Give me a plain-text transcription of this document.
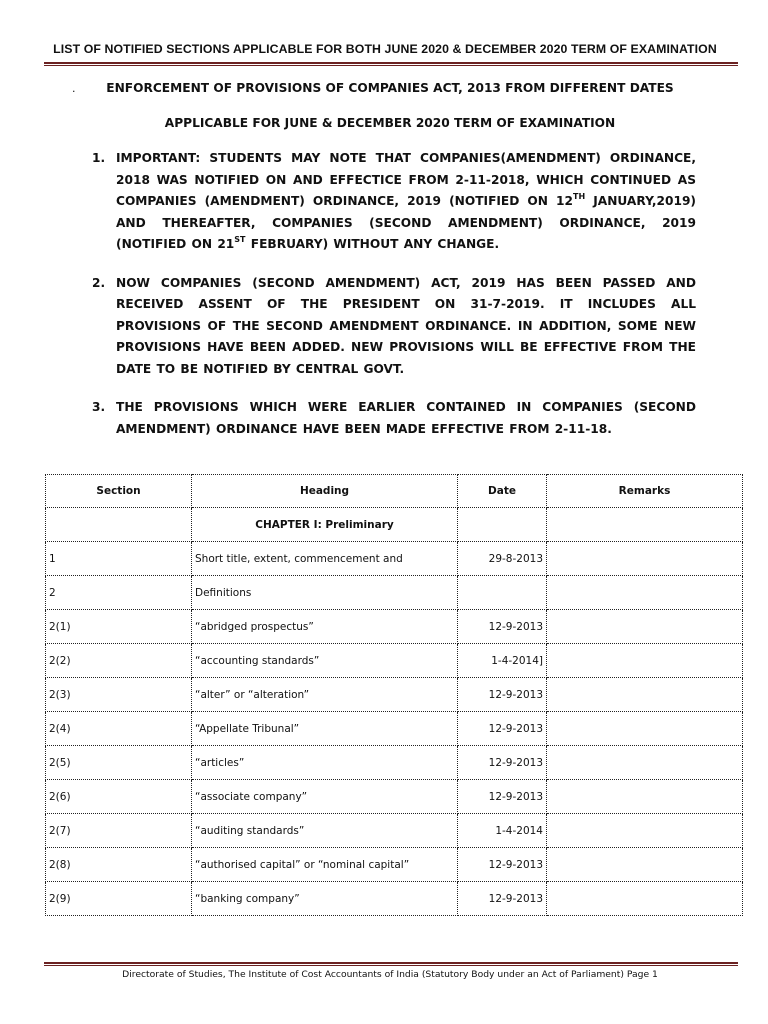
LIST OF NOTIFIED SECTIONS APPLICABLE FOR BOTH JUNE 2020 & DECEMBER 2020 TERM OF EXAMINATION
.	ENFORCEMENT OF PROVISIONS OF COMPANIES ACT, 2013 FROM DIFFERENT DATES
APPLICABLE FOR JUNE & DECEMBER 2020 TERM OF EXAMINATION
1. IMPORTANT: STUDENTS MAY NOTE THAT COMPANIES(AMENDMENT) ORDINANCE, 2018 WAS NOTIFIED ON AND EFFECTICE FROM 2-11-2018, WHICH CONTINUED AS COMPANIES (AMENDMENT) ORDINANCE, 2019 (NOTIFIED ON 12TH JANUARY,2019) AND THEREAFTER, COMPANIES (SECOND AMENDMENT) ORDINANCE, 2019 (NOTIFIED ON 21ST FEBRUARY) WITHOUT ANY CHANGE.
2. NOW COMPANIES (SECOND AMENDMENT) ACT, 2019 HAS BEEN PASSED AND RECEIVED ASSENT OF THE PRESIDENT ON 31-7-2019. IT INCLUDES ALL PROVISIONS OF THE SECOND AMENDMENT ORDINANCE. IN ADDITION, SOME NEW PROVISIONS HAVE BEEN ADDED. NEW PROVISIONS WILL BE EFFECTIVE FROM THE DATE TO BE NOTIFIED BY CENTRAL GOVT.
3. THE PROVISIONS WHICH WERE EARLIER CONTAINED IN COMPANIES (SECOND AMENDMENT) ORDINANCE HAVE BEEN MADE EFFECTIVE FROM 2-11-18.
Section	Heading	Date	Remarks
	CHAPTER I: Preliminary		
1	Short title, extent, commencement and	29-8-2013	
2	Definitions		
2(1)	“abridged prospectus”	12-9-2013	
2(2)	“accounting standards”	1-4-2014]	
2(3)	“alter” or “alteration”	12-9-2013	
2(4)	“Appellate Tribunal”	12-9-2013	
2(5)	“articles”	12-9-2013	
2(6)	“associate company”	12-9-2013	
2(7)	“auditing standards”	1-4-2014	
2(8)	“authorised capital” or “nominal capital”	12-9-2013	
2(9)	“banking company”	12-9-2013	
Directorate of Studies, The Institute of Cost Accountants of India (Statutory Body under an Act of Parliament) Page 1
